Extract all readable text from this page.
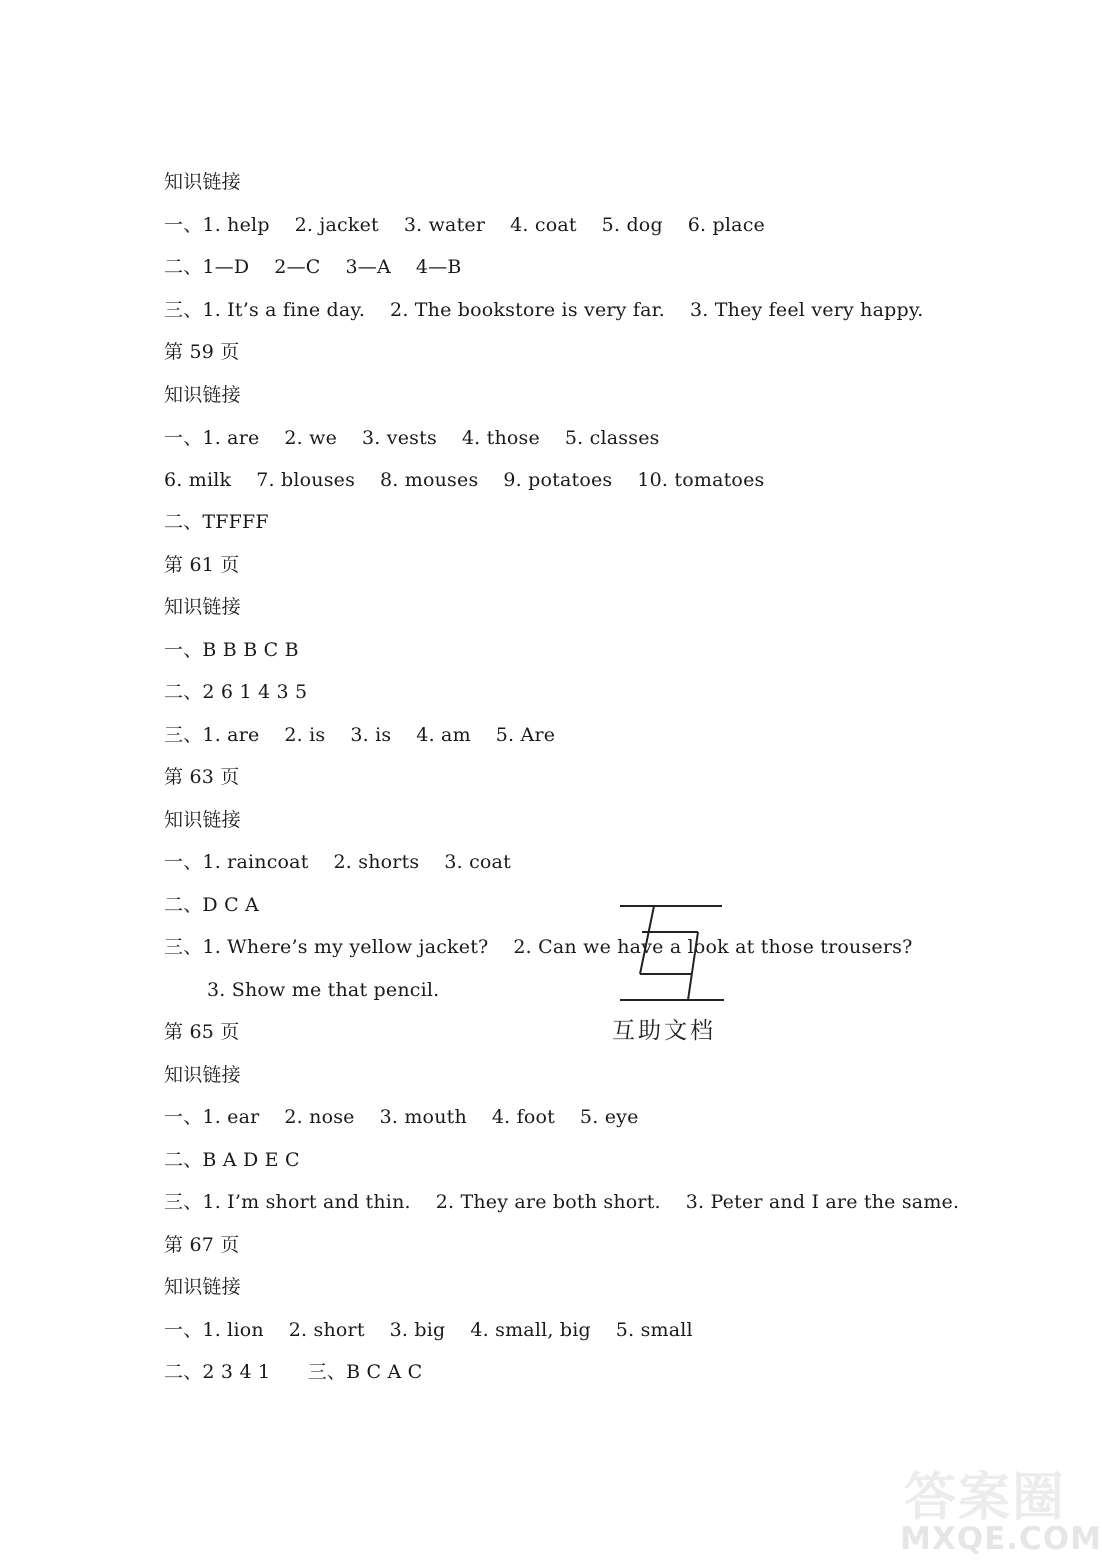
知识链接
一、1. help    2. jacket    3. water    4. coat    5. dog    6. place
二、1—D    2—C    3—A    4—B
三、1. It’s a fine day.    2. The bookstore is very far.    3. They feel very happy.
第 59 页
知识链接
一、1. are    2. we    3. vests    4. those    5. classes
6. milk    7. blouses    8. mouses    9. potatoes    10. tomatoes
二、TFFFF
第 61 页
知识链接
一、B B B C B
二、2 6 1 4 3 5
三、1. are    2. is    3. is    4. am    5. Are
第 63 页
知识链接
一、1. raincoat    2. shorts    3. coat
二、D C A
三、1. Where’s my yellow jacket?    2. Can we have a look at those trousers?
3. Show me that pencil.
第 65 页
知识链接
一、1. ear    2. nose    3. mouth    4. foot    5. eye
二、B A D E C
三、1. I’m short and thin.    2. They are both short.    3. Peter and I are the same.
第 67 页
知识链接
一、1. lion    2. short    3. big    4. small, big    5. small
二、2 3 4 1      三、B C A C
互助文档
答案圈
MXQE.COM
